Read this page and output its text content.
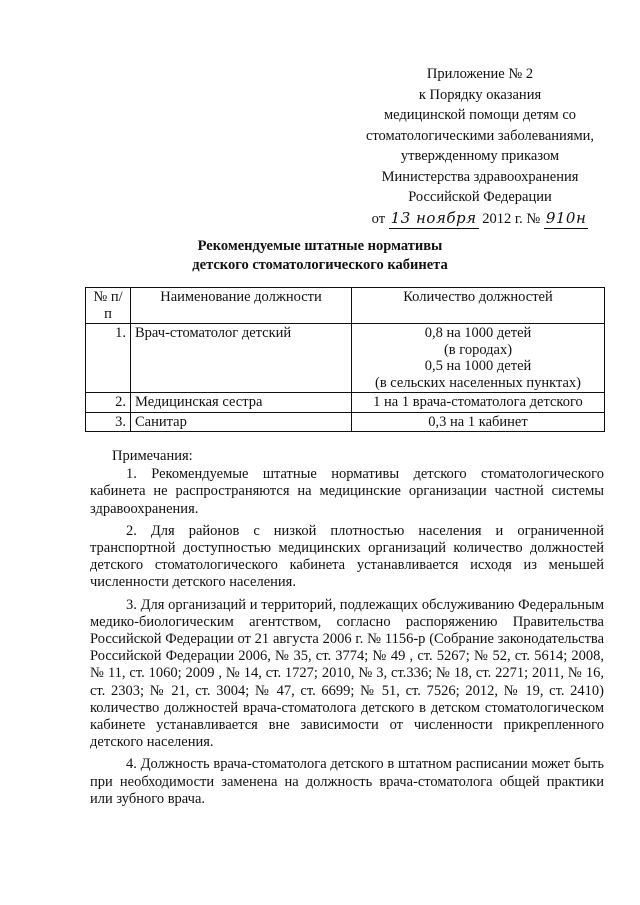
Приложение № 2
к Порядку оказания
медицинской помощи детям со
стоматологическими заболеваниями,
утвержденному приказом
Министерства здравоохранения
Российской Федерации
от 13 ноября 2012 г. № 910н
Рекомендуемые штатные нормативы
детского стоматологического кабинета
№ п/п	Наименование должности	Количество должностей
1.	Врач-стоматолог детский	0,8 на 1000 детей
(в городах)
0,5 на 1000 детей
(в сельских населенных пунктах)

2.	Медицинская сестра	1 на 1 врача-стоматолога детского

3.	Санитар	0,3 на 1 кабинет
Примечания:

1. Рекомендуемые штатные нормативы детского стоматологического кабинета не распространяются на медицинские организации частной системы здравоохранения.

2. Для районов с низкой плотностью населения и ограниченной транспортной доступностью медицинских организаций количество должностей детского стоматологического кабинета устанавливается исходя из меньшей численности детского населения.

3. Для организаций и территорий, подлежащих обслуживанию Федеральным медико-биологическим агентством, согласно распоряжению Правительства Российской Федерации от 21 августа 2006 г. № 1156-р (Собрание законодательства Российской Федерации 2006, № 35, ст. 3774; № 49 , ст. 5267; № 52, ст. 5614; 2008, № 11, ст. 1060; 2009 , № 14, ст. 1727; 2010, № 3, ст.336; № 18, ст. 2271; 2011, № 16, ст. 2303; № 21, ст. 3004; № 47, ст. 6699; № 51, ст. 7526; 2012, № 19, ст. 2410) количество должностей врача-стоматолога детского в детском стоматологическом кабинете устанавливается вне зависимости от численности прикрепленного детского населения.

4. Должность врача-стоматолога детского в штатном расписании может быть при необходимости заменена на должность врача-стоматолога общей практики или зубного врача.
